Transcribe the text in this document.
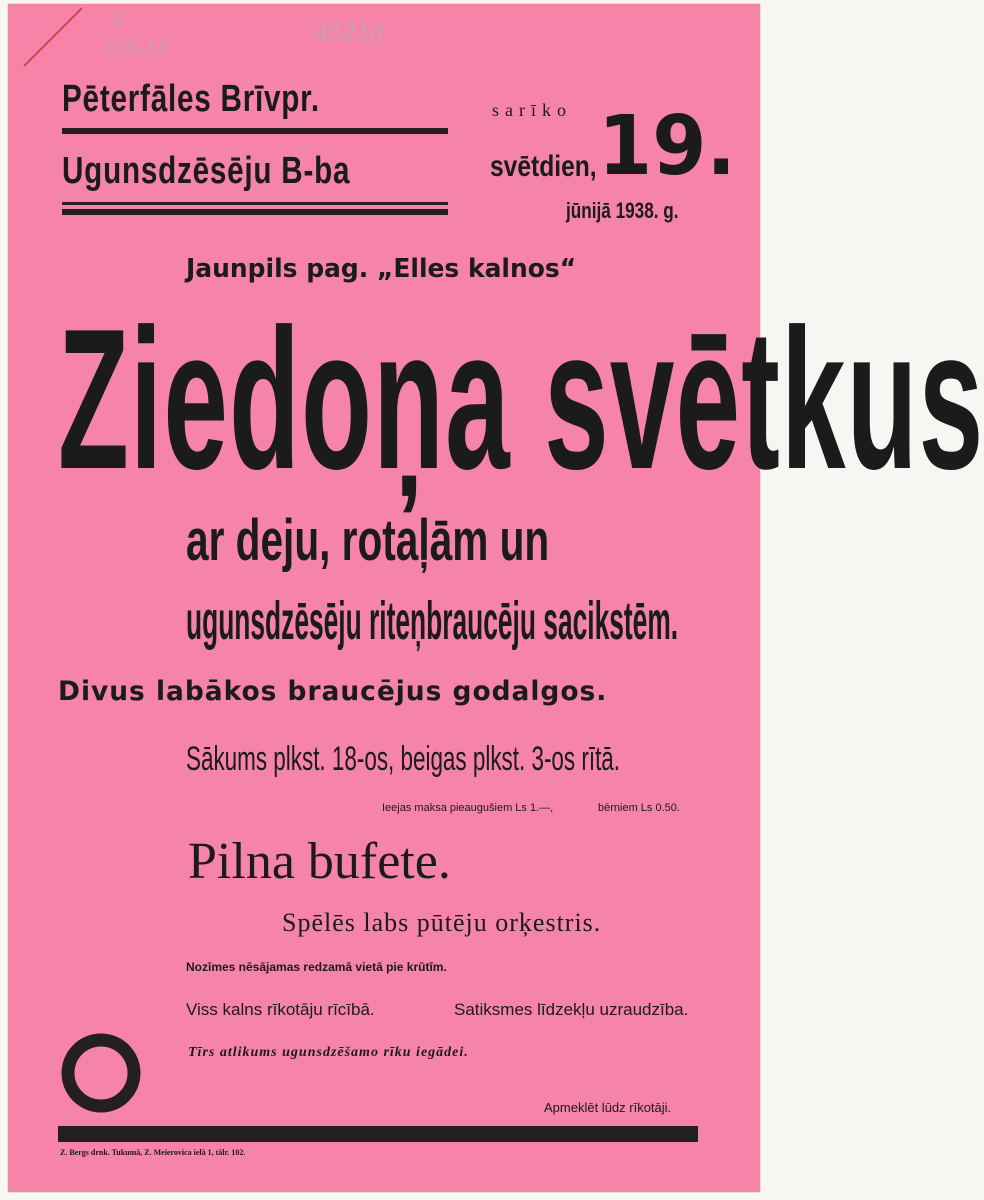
5
370-17
40210
Pēterfāles Brīvpr.
Ugunsdzēsēju B-ba
sarīko
svētdien, 19.
jūnijā 1938. g.
Jaunpils pag. „Elles kalnos“
Ziedoņa svētkus
ar deju, rotaļām un
ugunsdzēsēju riteņbraucēju sacikstēm.
Divus labākos braucējus godalgos.
Sākums plkst. 18-os, beigas plkst. 3-os rītā.
Ieejas maksa pieaugušiem Ls 1.—,	bērniem Ls 0.50.
Pilna bufete.
Spēlēs labs pūtēju orķestris.
Nozīmes nēsājamas redzamā vietā pie krūtīm.
Viss kalns rīkotāju rīcībā.	Satiksmes līdzekļu uzraudzība.
Tīrs atlikums ugunsdzēšamo rīku iegādei.
Apmeklēt lūdz rīkotāji.
Z. Bergs drnk. Tukumā, Z. Meierovica ielā 1, tālr. 102.
